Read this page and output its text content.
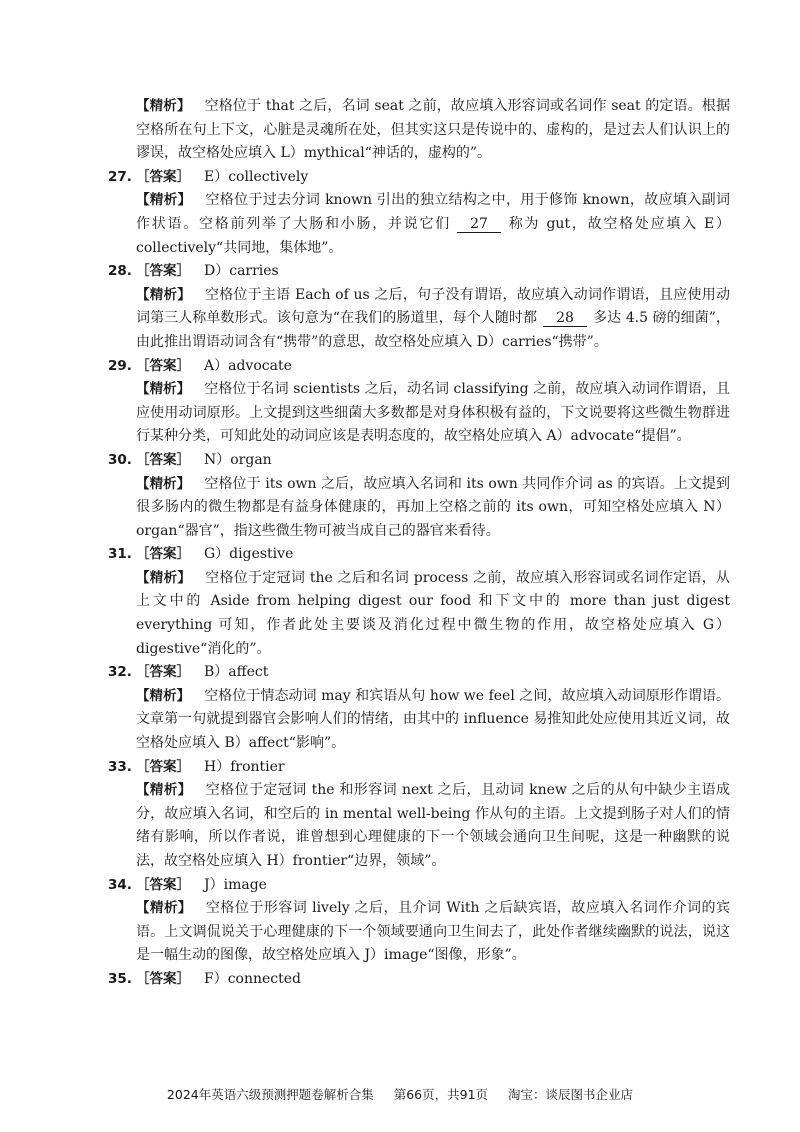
【精析】 空格位于 that 之后，名词 seat 之前，故应填入形容词或名词作 seat 的定语。根据空格所在句上下文，心脏是灵魂所在处，但其实这只是传说中的、虚构的，是过去人们认识上的谬误，故空格处应填入 L）mythical“神话的，虚构的”。

27. ［答案］ E）collectively

【精析】 空格位于过去分词 known 引出的独立结构之中，用于修饰 known，故应填入副词作状语。空格前列举了大肠和小肠，并说它们 27 称为 gut，故空格处应填入 E）collectively“共同地，集体地”。

28. ［答案］ D）carries

【精析】 空格位于主语 Each of us 之后，句子没有谓语，故应填入动词作谓语，且应使用动词第三人称单数形式。该句意为“在我们的肠道里，每个人随时都 28 多达 4.5 磅的细菌”，由此推出谓语动词含有“携带”的意思，故空格处应填入 D）carries“携带”。

29. ［答案］ A）advocate

【精析】 空格位于名词 scientists 之后，动名词 classifying 之前，故应填入动词作谓语，且应使用动词原形。上文提到这些细菌大多数都是对身体积极有益的，下文说要将这些微生物群进行某种分类，可知此处的动词应该是表明态度的，故空格处应填入 A）advocate“提倡”。

30. ［答案］ N）organ

【精析】 空格位于 its own 之后，故应填入名词和 its own 共同作介词 as 的宾语。上文提到很多肠内的微生物都是有益身体健康的，再加上空格之前的 its own，可知空格处应填入 N）organ“器官”，指这些微生物可被当成自己的器官来看待。

31. ［答案］ G）digestive

【精析】 空格位于定冠词 the 之后和名词 process 之前，故应填入形容词或名词作定语，从上文中的 Aside from helping digest our food 和下文中的 more than just digest everything 可知，作者此处主要谈及消化过程中微生物的作用，故空格处应填入 G）digestive“消化的”。

32. ［答案］ B）affect

【精析】 空格位于情态动词 may 和宾语从句 how we feel 之间，故应填入动词原形作谓语。文章第一句就提到器官会影响人们的情绪，由其中的 influence 易推知此处应使用其近义词，故空格处应填入 B）affect“影响”。

33. ［答案］ H）frontier

【精析】 空格位于定冠词 the 和形容词 next 之后，且动词 knew 之后的从句中缺少主语成分，故应填入名词，和空后的 in mental well-being 作从句的主语。上文提到肠子对人们的情绪有影响，所以作者说，谁曾想到心理健康的下一个领域会通向卫生间呢，这是一种幽默的说法，故空格处应填入 H）frontier“边界，领域”。

34. ［答案］ J）image

【精析】 空格位于形容词 lively 之后，且介词 With 之后缺宾语，故应填入名词作介词的宾语。上文调侃说关于心理健康的下一个领域要通向卫生间去了，此处作者继续幽默的说法，说这是一幅生动的图像，故空格处应填入 J）image“图像，形象”。

35. ［答案］ F）connected
2024年英语六级预测押题卷解析合集 第66页，共91页 淘宝：谈辰图书企业店
